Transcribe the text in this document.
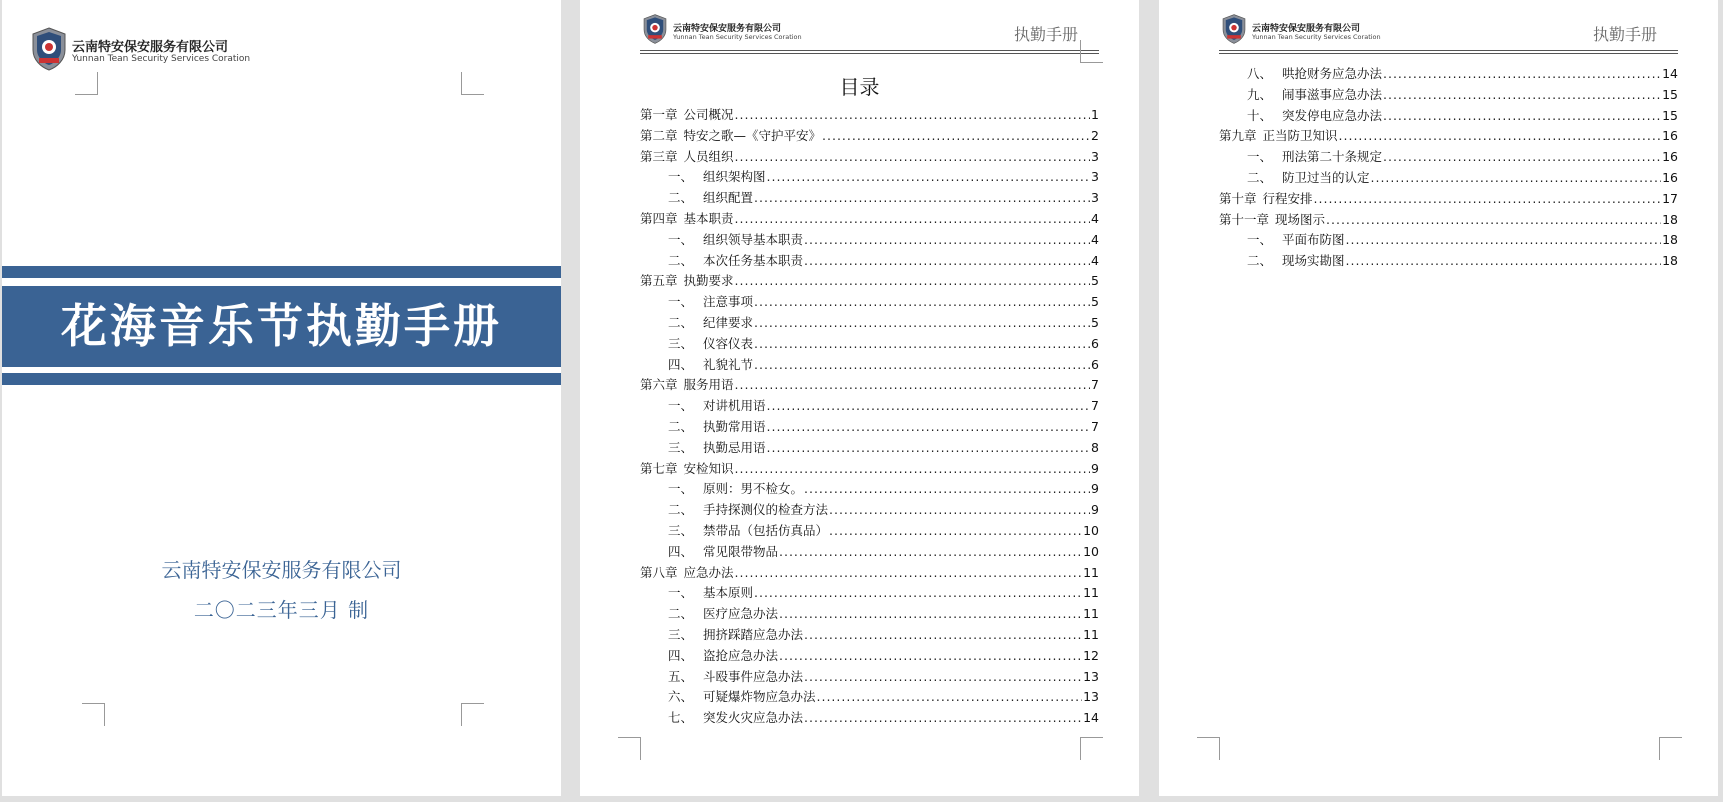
云南特安保安服务有限公司
Yunnan Tean Security Services Coration
花海音乐节执勤手册
云南特安保安服务有限公司
二〇二三年三月 制
云南特安保安服务有限公司
Yunnan Tean Security Services Coration	执勤手册
目录
第一章 公司概况 .....	1
第二章 特安之歌—《守护平安》 .....	2
第三章 人员组织 .....	3
一、 组织架构图 .....	3
二、 组织配置 .....	3
第四章 基本职责 .....	4
一、 组织领导基本职责 .....	4
二、 本次任务基本职责 .....	4
第五章 执勤要求 .....	5
一、 注意事项 .....	5
二、 纪律要求 .....	5
三、 仪容仪表 .....	6
四、 礼貌礼节 .....	6
第六章 服务用语 .....	7
一、 对讲机用语 .....	7
二、 执勤常用语 .....	7
三、 执勤忌用语 .....	8
第七章 安检知识 .....	9
一、 原则：男不检女。 .....	9
二、 手持探测仪的检查方法 .....	9
三、 禁带品（包括仿真品） .....	10
四、 常见限带物品 .....	10
第八章 应急办法 .....	11
一、 基本原则 .....	11
二、 医疗应急办法 .....	11
三、 拥挤踩踏应急办法 .....	11
四、 盗抢应急办法 .....	12
五、 斗殴事件应急办法 .....	13
六、 可疑爆炸物应急办法 .....	13
七、 突发火灾应急办法 .....	14
云南特安保安服务有限公司
Yunnan Tean Security Services Coration	执勤手册
八、 哄抢财务应急办法 .....	14
九、 闹事滋事应急办法 .....	15
十、 突发停电应急办法 .....	15
第九章 正当防卫知识 .....	16
一、 刑法第二十条规定 .....	16
二、 防卫过当的认定 .....	16
第十章 行程安排 .....	17
第十一章 现场图示 .....	18
一、 平面布防图 .....	18
二、 现场实勘图 .....	18
